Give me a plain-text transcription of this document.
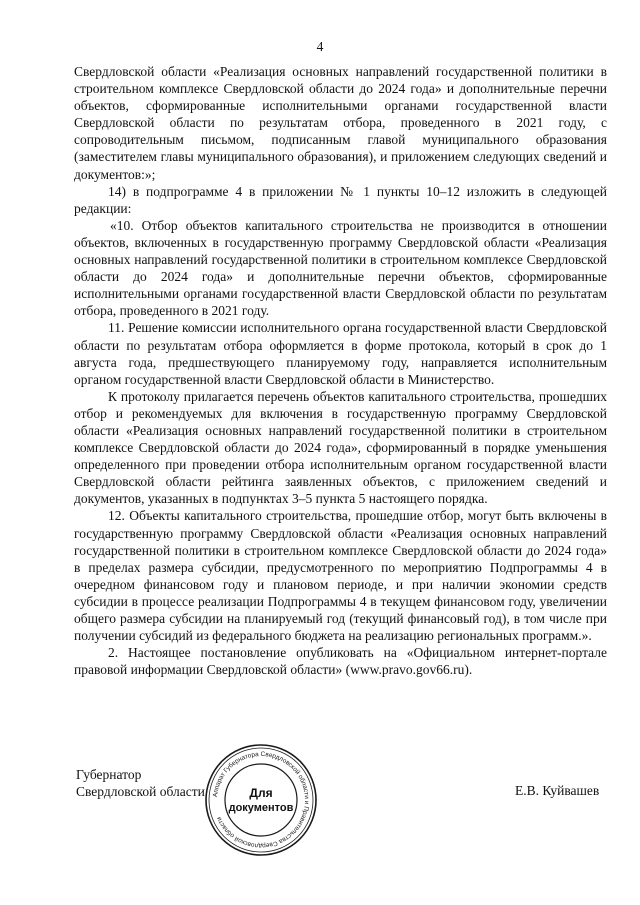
4

Свердловской области «Реализация основных направлений государственной политики в строительном комплексе Свердловской области до 2024 года» и дополнительные перечни объектов, сформированные исполнительными органами государственной власти Свердловской области по результатам отбора, проведенного в 2021 году, с сопроводительным письмом, подписанным главой муниципального образования (заместителем главы муниципального образования), и приложением следующих сведений и документов:»;

14) в подпрограмме 4 в приложении № 1 пункты 10–12 изложить в следующей редакции:

«10. Отбор объектов капитального строительства не производится в отношении объектов, включенных в государственную программу Свердловской области «Реализация основных направлений государственной политики в строительном комплексе Свердловской области до 2024 года» и дополнительные перечни объектов, сформированные исполнительными органами государственной власти Свердловской области по результатам отбора, проведенного в 2021 году.

11. Решение комиссии исполнительного органа государственной власти Свердловской области по результатам отбора оформляется в форме протокола, который в срок до 1 августа года, предшествующего планируемому году, направляется исполнительным органом государственной власти Свердловской области в Министерство.

К протоколу прилагается перечень объектов капитального строительства, прошедших отбор и рекомендуемых для включения в государственную программу Свердловской области «Реализация основных направлений государственной политики в строительном комплексе Свердловской области до 2024 года», сформированный в порядке уменьшения определенного при проведении отбора исполнительным органом государственной власти Свердловской области рейтинга заявленных объектов, с приложением сведений и документов, указанных в подпунктах 3–5 пункта 5 настоящего порядка.

12. Объекты капитального строительства, прошедшие отбор, могут быть включены в государственную программу Свердловской области «Реализация основных направлений государственной политики в строительном комплексе Свердловской области до 2024 года» в пределах размера субсидии, предусмотренного по мероприятию Подпрограммы 4 в очередном финансовом году и плановом периоде, и при наличии экономии средств субсидии в процессе реализации Подпрограммы 4 в текущем финансовом году, увеличении общего размера субсидии на планируемый год (текущий финансовый год), в том числе при получении субсидий из федерального бюджета на реализацию региональных программ.».

2. Настоящее постановление опубликовать на «Официальном интернет-портале правовой информации Свердловской области» (www.pravo.gov66.ru).

Губернатор
Свердловской области Аппарат Губернатора Свердловской области и Правительства Свердловской области
Для
документов
Е.В. Куйвашев
